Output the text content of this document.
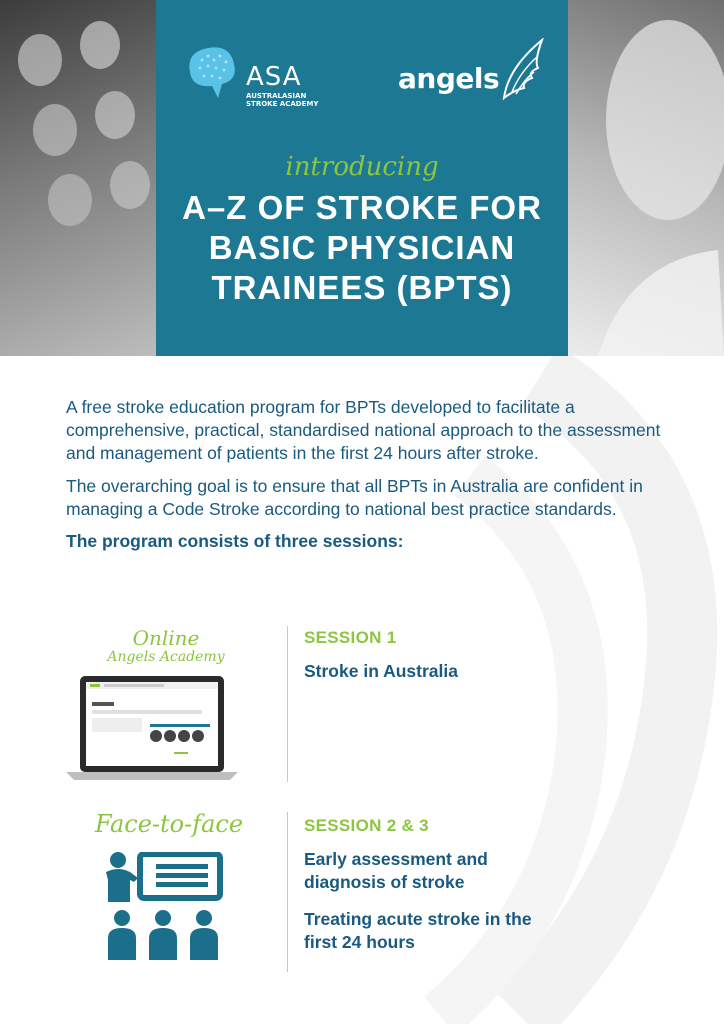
ASA
AUSTRALASIAN
STROKE ACADEMY
angels
introducing
A–Z OF STROKE FOR
BASIC PHYSICIAN
TRAINEES (BPTS)

A free stroke education program for BPTs developed to facilitate a comprehensive, practical, standardised national approach to the assessment and management of patients in the first 24 hours after stroke.

The overarching goal is to ensure that all BPTs in Australia are confident in managing a Code Stroke according to national best practice standards.

The program consists of three sessions:

Online
Angels Academy
SESSION 1
Stroke in Australia
Face-to-face	SESSION 2 & 3
Early assessment and diagnosis of stroke
Treating acute stroke in the first 24 hours
